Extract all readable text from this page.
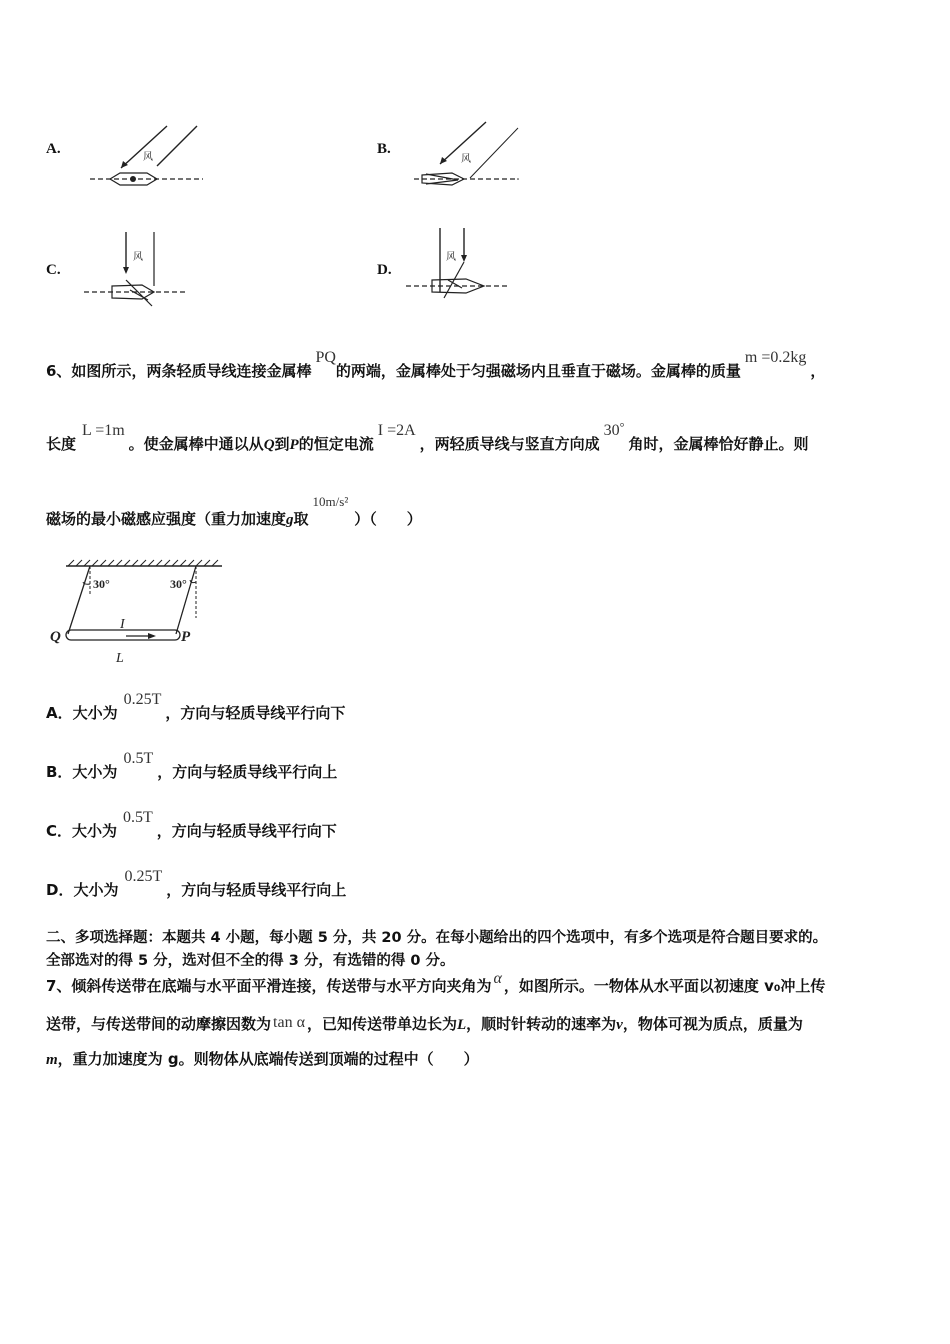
A.
风
B.
风
C.
风
D.
风
6、如图所示，两条轻质导线连接金属棒PQ的两端，金属棒处于匀强磁场内且垂直于磁场。金属棒的质量m =0.2kg，
长度L =1m。使金属棒中通以从Q到P的恒定电流I =2A，两轻质导线与竖直方向成30°角时，金属棒恰好静止。则
磁场的最小磁感应强度（重力加速度g取10m/s²）（　　）
30°	30°
Q	P
I
L
A．大小为0.25T，方向与轻质导线平行向下
B．大小为0.5T，方向与轻质导线平行向上
C．大小为0.5T，方向与轻质导线平行向下
D．大小为0.25T，方向与轻质导线平行向上
二、多项选择题：本题共 4 小题，每小题 5 分，共 20 分。在每小题给出的四个选项中，有多个选项是符合题目要求的。
全部选对的得 5 分，选对但不全的得 3 分，有选错的得 0 分。
7、倾斜传送带在底端与水平面平滑连接，传送带与水平方向夹角为 α ，如图所示。一物体从水平面以初速度 v₀冲上传
送带，与传送带间的动摩擦因数为 tan α ，已知传送带单边长为L，顺时针转动的速率为v，物体可视为质点，质量为
m，重力加速度为 g。则物体从底端传送到顶端的过程中（　　）
